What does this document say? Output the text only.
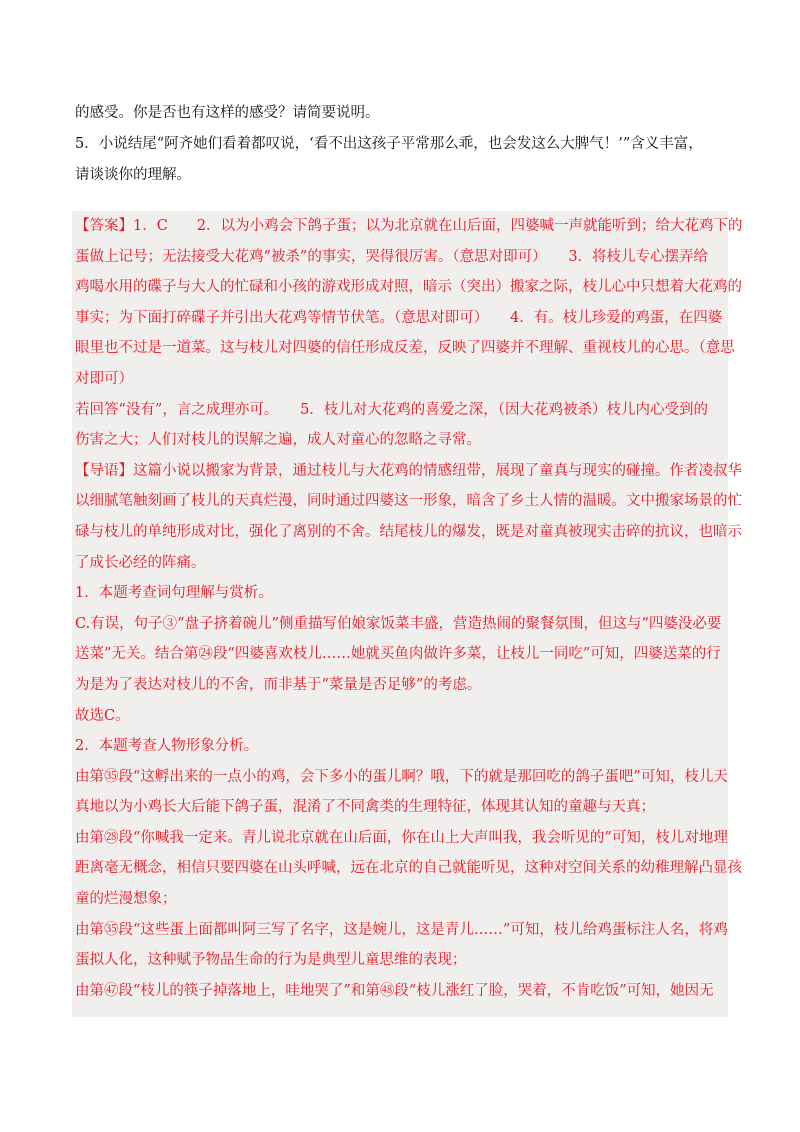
的感受。你是否也有这样的感受？请简要说明。

5．小说结尾“阿齐她们看着都叹说，‘看不出这孩子平常那么乖，也会发这么大脾气！’”含义丰富，

请谈谈你的理解。

【答案】1．C　　2．以为小鸡会下鸽子蛋；以为北京就在山后面，四婆喊一声就能听到；给大花鸡下的

蛋做上记号；无法接受大花鸡“被杀”的事实，哭得很厉害。（意思对即可）　　3．将枝儿专心摆弄给

鸡喝水用的碟子与大人的忙碌和小孩的游戏形成对照，暗示（突出）搬家之际，枝儿心中只想着大花鸡的

事实；为下面打碎碟子并引出大花鸡等情节伏笔。（意思对即可）　　4．有。枝儿珍爱的鸡蛋，在四婆

眼里也不过是一道菜。这与枝儿对四婆的信任形成反差，反映了四婆并不理解、重视枝儿的心思。（意思

对即可）

若回答“没有”，言之成理亦可。　　5．枝儿对大花鸡的喜爱之深，（因大花鸡被杀）枝儿内心受到的

伤害之大；人们对枝儿的误解之遍，成人对童心的忽略之寻常。

【导语】这篇小说以搬家为背景，通过枝儿与大花鸡的情感纽带，展现了童真与现实的碰撞。作者凌叔华

以细腻笔触刻画了枝儿的天真烂漫，同时通过四婆这一形象，暗含了乡土人情的温暖。文中搬家场景的忙

碌与枝儿的单纯形成对比，强化了离别的不舍。结尾枝儿的爆发，既是对童真被现实击碎的抗议，也暗示

了成长必经的阵痛。

1．本题考查词句理解与赏析。

C.有误，句子③“盘子挤着碗儿”侧重描写伯娘家饭菜丰盛，营造热闹的聚餐氛围，但这与“四婆没必要

送菜”无关。结合第㉔段“四婆喜欢枝儿……她就买鱼肉做许多菜，让枝儿一同吃”可知，四婆送菜的行

为是为了表达对枝儿的不舍，而非基于“菜量是否足够”的考虑。

故选C。

2．本题考查人物形象分析。

由第㉟段“这孵出来的一点小的鸡，会下多小的蛋儿啊？哦，下的就是那回吃的鸽子蛋吧”可知，枝儿天

真地以为小鸡长大后能下鸽子蛋，混淆了不同禽类的生理特征，体现其认知的童趣与天真；

由第㉘段“你喊我一定来。青儿说北京就在山后面，你在山上大声叫我，我会听见的”可知，枝儿对地理

距离毫无概念，相信只要四婆在山头呼喊，远在北京的自己就能听见，这种对空间关系的幼稚理解凸显孩

童的烂漫想象；

由第㉟段“这些蛋上面都叫阿三写了名字，这是婉儿，这是青儿……”可知，枝儿给鸡蛋标注人名，将鸡

蛋拟人化，这种赋予物品生命的行为是典型儿童思维的表现；

由第㊼段“枝儿的筷子掉落地上，哇地哭了”和第㊽段“枝儿涨红了脸，哭着，不肯吃饭”可知，她因无
